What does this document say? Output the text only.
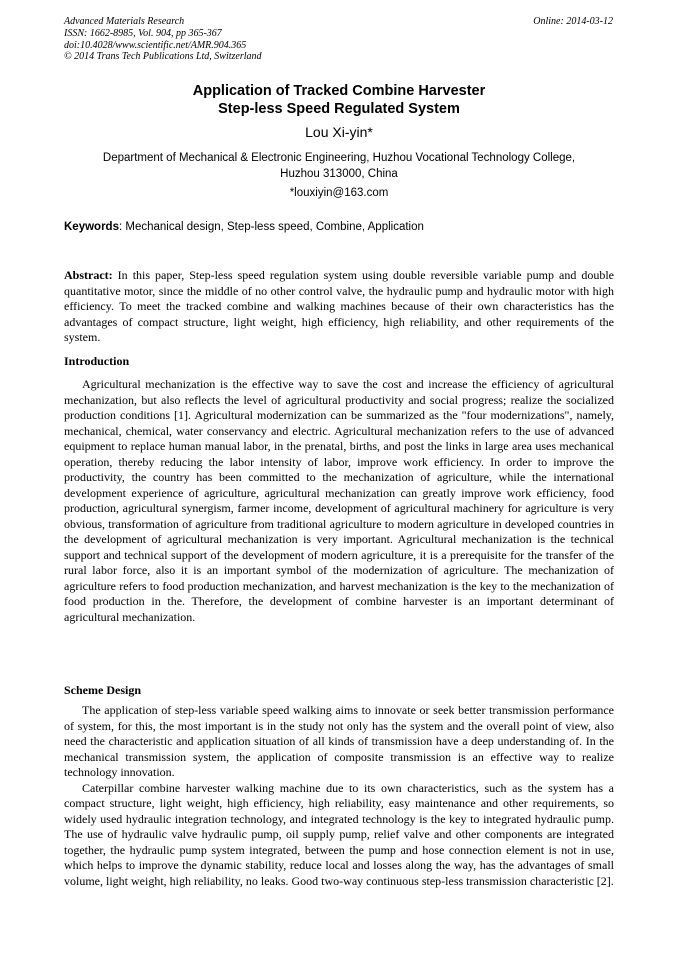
Advanced Materials Research
ISSN: 1662-8985, Vol. 904, pp 365-367
doi:10.4028/www.scientific.net/AMR.904.365
© 2014 Trans Tech Publications Ltd, Switzerland
Online: 2014-03-12
Application of Tracked Combine Harvester
Step-less Speed Regulated System
Lou Xi-yin*
Department of Mechanical & Electronic Engineering, Huzhou Vocational Technology College,
Huzhou 313000, China
*louxiyin@163.com
Keywords: Mechanical design, Step-less speed, Combine, Application

Abstract: In this paper, Step-less speed regulation system using double reversible variable pump and double quantitative motor, since the middle of no other control valve, the hydraulic pump and hydraulic motor with high efficiency. To meet the tracked combine and walking machines because of their own characteristics has the advantages of compact structure, light weight, high efficiency, high reliability, and other requirements of the system.

Introduction

Agricultural mechanization is the effective way to save the cost and increase the efficiency of agricultural mechanization, but also reflects the level of agricultural productivity and social progress; realize the socialized production conditions [1]. Agricultural modernization can be summarized as the "four modernizations", namely, mechanical, chemical, water conservancy and electric. Agricultural mechanization refers to the use of advanced equipment to replace human manual labor, in the prenatal, births, and post the links in large area uses mechanical operation, thereby reducing the labor intensity of labor, improve work efficiency. In order to improve the productivity, the country has been committed to the mechanization of agriculture, while the international development experience of agriculture, agricultural mechanization can greatly improve work efficiency, food production, agricultural synergism, farmer income, development of agricultural machinery for agriculture is very obvious, transformation of agriculture from traditional agriculture to modern agriculture in developed countries in the development of agricultural mechanization is very important. Agricultural mechanization is the technical support and technical support of the development of modern agriculture, it is a prerequisite for the transfer of the rural labor force, also it is an important symbol of the modernization of agriculture. The mechanization of agriculture refers to food production mechanization, and harvest mechanization is the key to the mechanization of food production in the. Therefore, the development of combine harvester is an important determinant of agricultural mechanization.

Scheme Design

The application of step-less variable speed walking aims to innovate or seek better transmission performance of system, for this, the most important is in the study not only has the system and the overall point of view, also need the characteristic and application situation of all kinds of transmission have a deep understanding of. In the mechanical transmission system, the application of composite transmission is an effective way to realize technology innovation.

Caterpillar combine harvester walking machine due to its own characteristics, such as the system has a compact structure, light weight, high efficiency, high reliability, easy maintenance and other requirements, so widely used hydraulic integration technology, and integrated technology is the key to integrated hydraulic pump. The use of hydraulic valve hydraulic pump, oil supply pump, relief valve and other components are integrated together, the hydraulic pump system integrated, between the pump and hose connection element is not in use, which helps to improve the dynamic stability, reduce local and losses along the way, has the advantages of small volume, light weight, high reliability, no leaks. Good two-way continuous step-less transmission characteristic [2].
